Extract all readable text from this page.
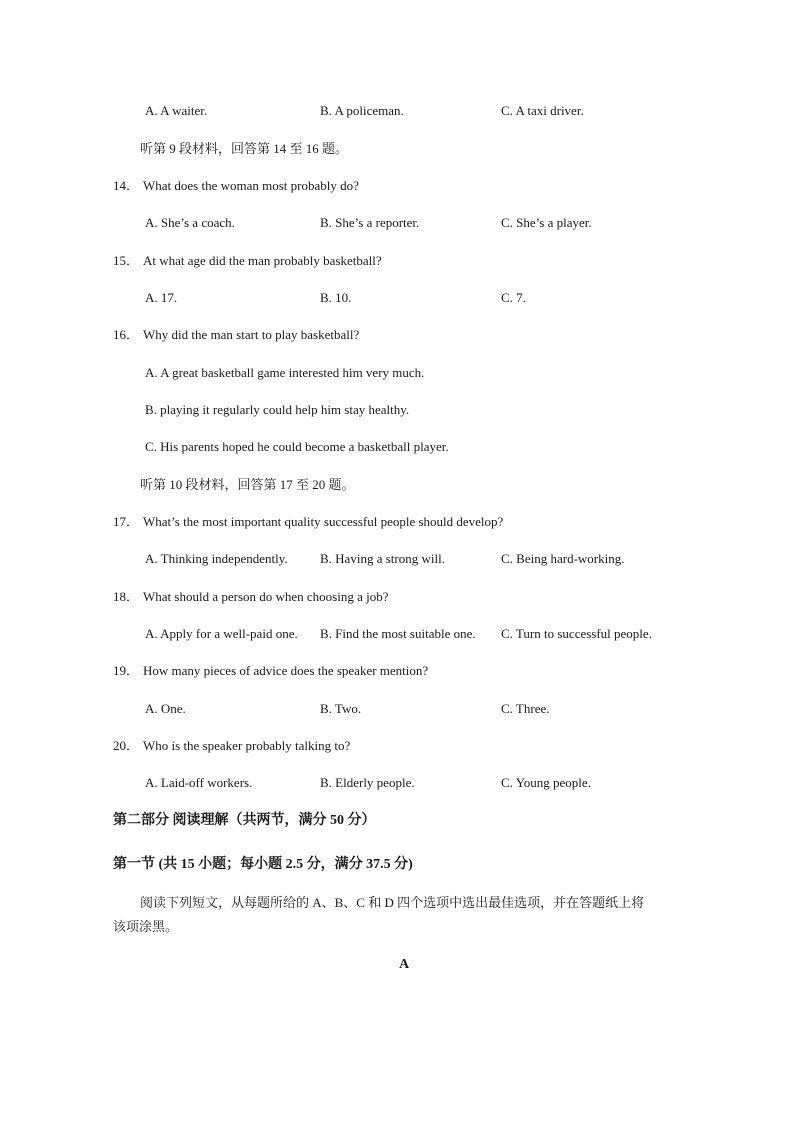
A. A waiter.	B. A policeman.	C. A taxi driver.
听第 9 段材料，回答第 14 至 16 题。
14． What does the woman most probably do?
A. She’s a coach.	B. She’s a reporter.	C. She’s a player.
15． At what age did the man probably basketball?
A. 17.	B. 10.	C. 7.
16． Why did the man start to play basketball?
A. A great basketball game interested him very much.
B. playing it regularly could help him stay healthy.
C. His parents hoped he could become a basketball player.
听第 10 段材料，回答第 17 至 20 题。
17． What’s the most important quality successful people should develop?
A. Thinking independently. B. Having a strong will.	C. Being hard-working.
18． What should a person do when choosing a job?
A. Apply for a well-paid one. B. Find the most suitable one. C. Turn to successful people.
19． How many pieces of advice does the speaker mention?
A. One.	B. Two.	C. Three.
20． Who is the speaker probably talking to?
A. Laid-off workers.	B. Elderly people.	C. Young people.
第二部分 阅读理解（共两节，满分 50 分）
第一节 (共 15 小题；每小题 2.5 分，满分 37.5 分)
阅读下列短文，从每题所给的 A、B、C 和 D 四个选项中选出最佳选项，并在答题纸上将
该项涂黑。
A
